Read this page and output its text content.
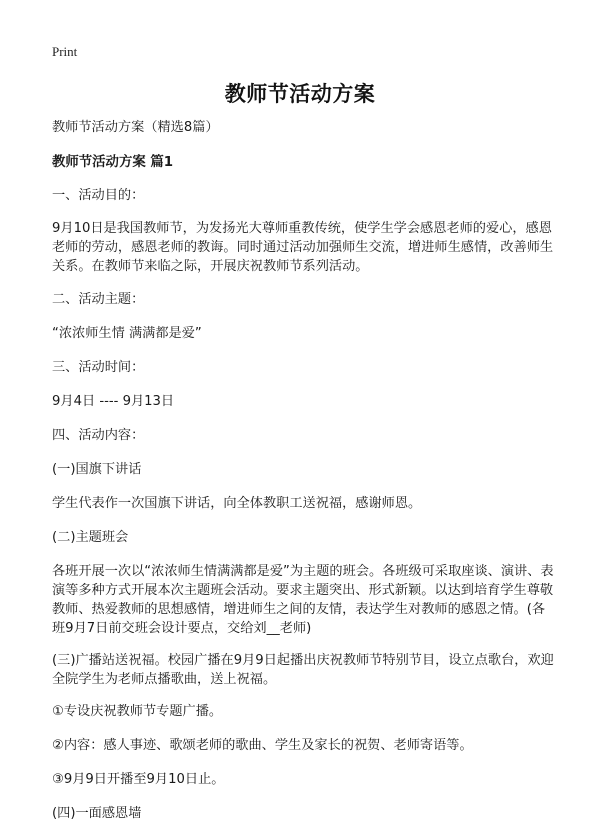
Print
教师节活动方案

教师节活动方案（精选8篇）

教师节活动方案 篇1

一、活动目的：

9月10日是我国教师节，为发扬光大尊师重教传统，使学生学会感恩老师的爱心，感恩老师的劳动，感恩老师的教诲。同时通过活动加强师生交流，增进师生感情，改善师生关系。在教师节来临之际，开展庆祝教师节系列活动。

二、活动主题：

“浓浓师生情 满满都是爱”

三、活动时间：

9月4日 ---- 9月13日

四、活动内容：

(一)国旗下讲话

学生代表作一次国旗下讲话，向全体教职工送祝福，感谢师恩。

(二)主题班会

各班开展一次以“浓浓师生情满满都是爱”为主题的班会。各班级可采取座谈、演讲、表演等多种方式开展本次主题班会活动。要求主题突出、形式新颖。以达到培育学生尊敬教师、热爱教师的思想感情，增进师生之间的友情，表达学生对教师的感恩之情。(各班9月7日前交班会设计要点，交给刘__老师)

(三)广播站送祝福。校园广播在9月9日起播出庆祝教师节特别节目，设立点歌台，欢迎全院学生为老师点播歌曲，送上祝福。

①专设庆祝教师节专题广播。

②内容：感人事迹、歌颂老师的歌曲、学生及家长的祝贺、老师寄语等。

③9月9日开播至9月10日止。

(四)一面感恩墙
